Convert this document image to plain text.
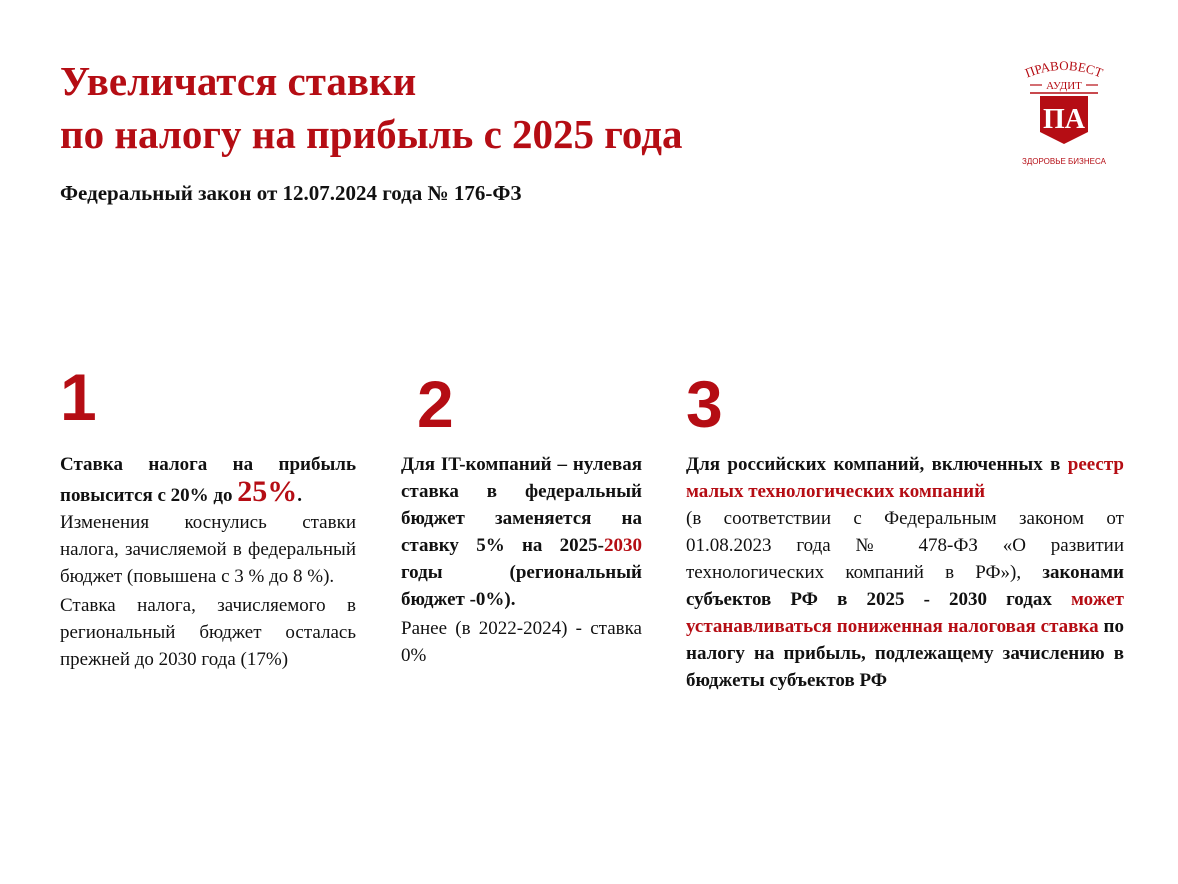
Увеличатся ставки
по налогу на прибыль с 2025 года
Федеральный закон от 12.07.2024 года № 176-ФЗ
ПРАВОВЕСТ
АУДИТ
ПА
ЗДОРОВЬЕ БИЗНЕСА
1

Ставка налога на прибыль повысится с 20% до 25%.

Изменения коснулись ставки налога, зачисляемой в федеральный бюджет (повышена с 3 % до 8 %).

Ставка налога, зачисляемого в региональный бюджет осталась прежней до 2030 года (17%)

2

Для IT-компаний – нулевая ставка в федеральный бюджет заменяется на ставку 5% на 2025-2030 годы (региональный бюджет -0%).

Ранее (в 2022-2024) - ставка 0%

3

Для российских компаний, включенных в реестр малых технологических компаний

(в соответствии с Федеральным законом от 01.08.2023 года № 478-ФЗ «О развитии технологических компаний в РФ»), законами субъектов РФ в 2025 - 2030 годах может устанавливаться пониженная налоговая ставка по налогу на прибыль, подлежащему зачислению в бюджеты субъектов РФ
